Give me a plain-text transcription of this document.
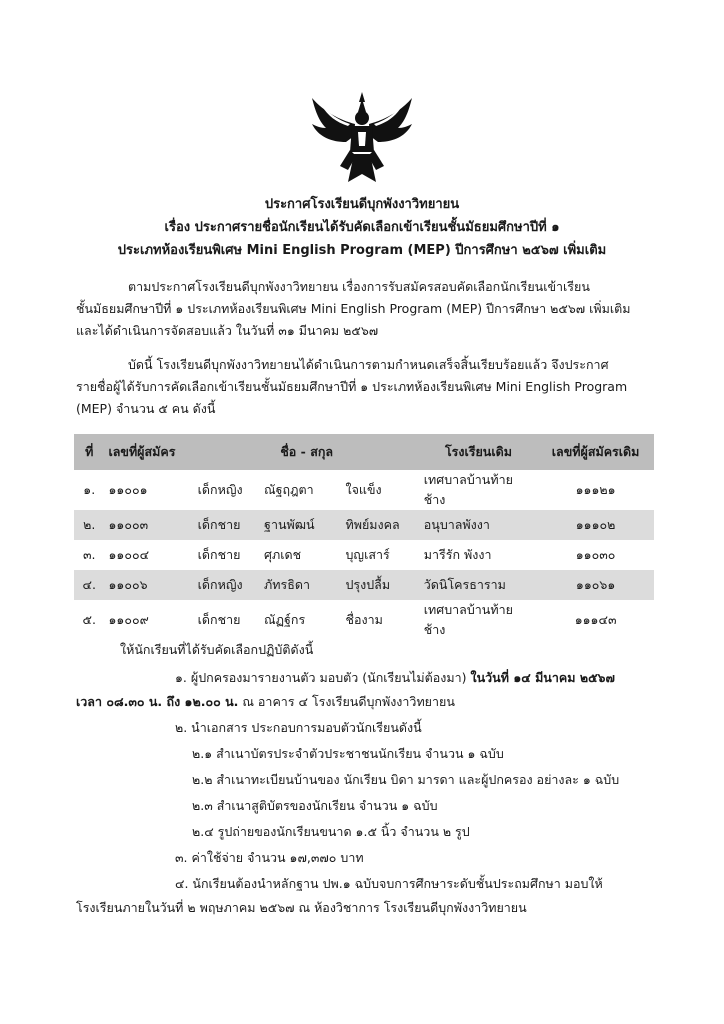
ประกาศโรงเรียนดีบุกพังงาวิทยายน
เรื่อง ประกาศรายชื่อนักเรียนได้รับคัดเลือกเข้าเรียนชั้นมัธยมศึกษาปีที่ ๑
ประเภทห้องเรียนพิเศษ Mini English Program (MEP) ปีการศึกษา ๒๕๖๗ เพิ่มเติม
ตามประกาศโรงเรียนดีบุกพังงาวิทยายน เรื่องการรับสมัครสอบคัดเลือกนักเรียนเข้าเรียน
ชั้นมัธยมศึกษาปีที่ ๑ ประเภทห้องเรียนพิเศษ Mini English Program (MEP) ปีการศึกษา ๒๕๖๗ เพิ่มเติม
และได้ดำเนินการจัดสอบแล้ว ในวันที่ ๓๑ มีนาคม ๒๕๖๗
บัดนี้ โรงเรียนดีบุกพังงาวิทยายนได้ดำเนินการตามกำหนดเสร็จสิ้นเรียบร้อยแล้ว จึงประกาศ
รายชื่อผู้ได้รับการคัดเลือกเข้าเรียนชั้นมัธยมศึกษาปีที่ ๑ ประเภทห้องเรียนพิเศษ Mini English Program
(MEP) จำนวน ๕ คน ดังนี้
ที่	เลขที่ผู้สมัคร	ชื่อ - สกุล			โรงเรียนเดิม	เลขที่ผู้สมัครเดิม
๑.	๑๑๐๐๑	เด็กหญิง	ณัฐฤฎตา	ใจแข็ง	เทศบาลบ้านท้ายช้าง	๑๑๑๒๑
๒.	๑๑๐๐๓	เด็กชาย	ฐานพัฒน์	ทิพย์มงคล	อนุบาลพังงา	๑๑๑๐๒
๓.	๑๑๐๐๔	เด็กชาย	ศุภเดช	บุญเสาร์	มารีรัก พังงา	๑๑๐๓๐
๔.	๑๑๐๐๖	เด็กหญิง	ภัทรธิดา	ปรุงปลื้ม	วัดนิโครธาราม	๑๑๐๖๑
๕.	๑๑๐๐๙	เด็กชาย	ณัฏฐ์กร	ชื่องาม	เทศบาลบ้านท้ายช้าง	๑๑๑๔๓
ให้นักเรียนที่ได้รับคัดเลือกปฏิบัติดังนี้
๑. ผู้ปกครองมารายงานตัว มอบตัว (นักเรียนไม่ต้องมา) ในวันที่ ๑๔ มีนาคม ๒๕๖๗
เวลา ๐๘.๓๐ น. ถึง ๑๒.๐๐ น. ณ อาคาร ๔ โรงเรียนดีบุกพังงาวิทยายน
๒. นำเอกสาร ประกอบการมอบตัวนักเรียนดังนี้
๒.๑ สำเนาบัตรประจำตัวประชาชนนักเรียน จำนวน ๑ ฉบับ
๒.๒ สำเนาทะเบียนบ้านของ นักเรียน บิดา มารดา และผู้ปกครอง อย่างละ ๑ ฉบับ
๒.๓ สำเนาสูติบัตรของนักเรียน จำนวน ๑ ฉบับ
๒.๔ รูปถ่ายของนักเรียนขนาด ๑.๕ นิ้ว จำนวน ๒ รูป
๓. ค่าใช้จ่าย จำนวน ๑๗,๓๗๐ บาท
๔. นักเรียนต้องนำหลักฐาน ปพ.๑ ฉบับจบการศึกษาระดับชั้นประถมศึกษา มอบให้
โรงเรียนภายในวันที่ ๒ พฤษภาคม ๒๕๖๗ ณ ห้องวิชาการ โรงเรียนดีบุกพังงาวิทยายน
